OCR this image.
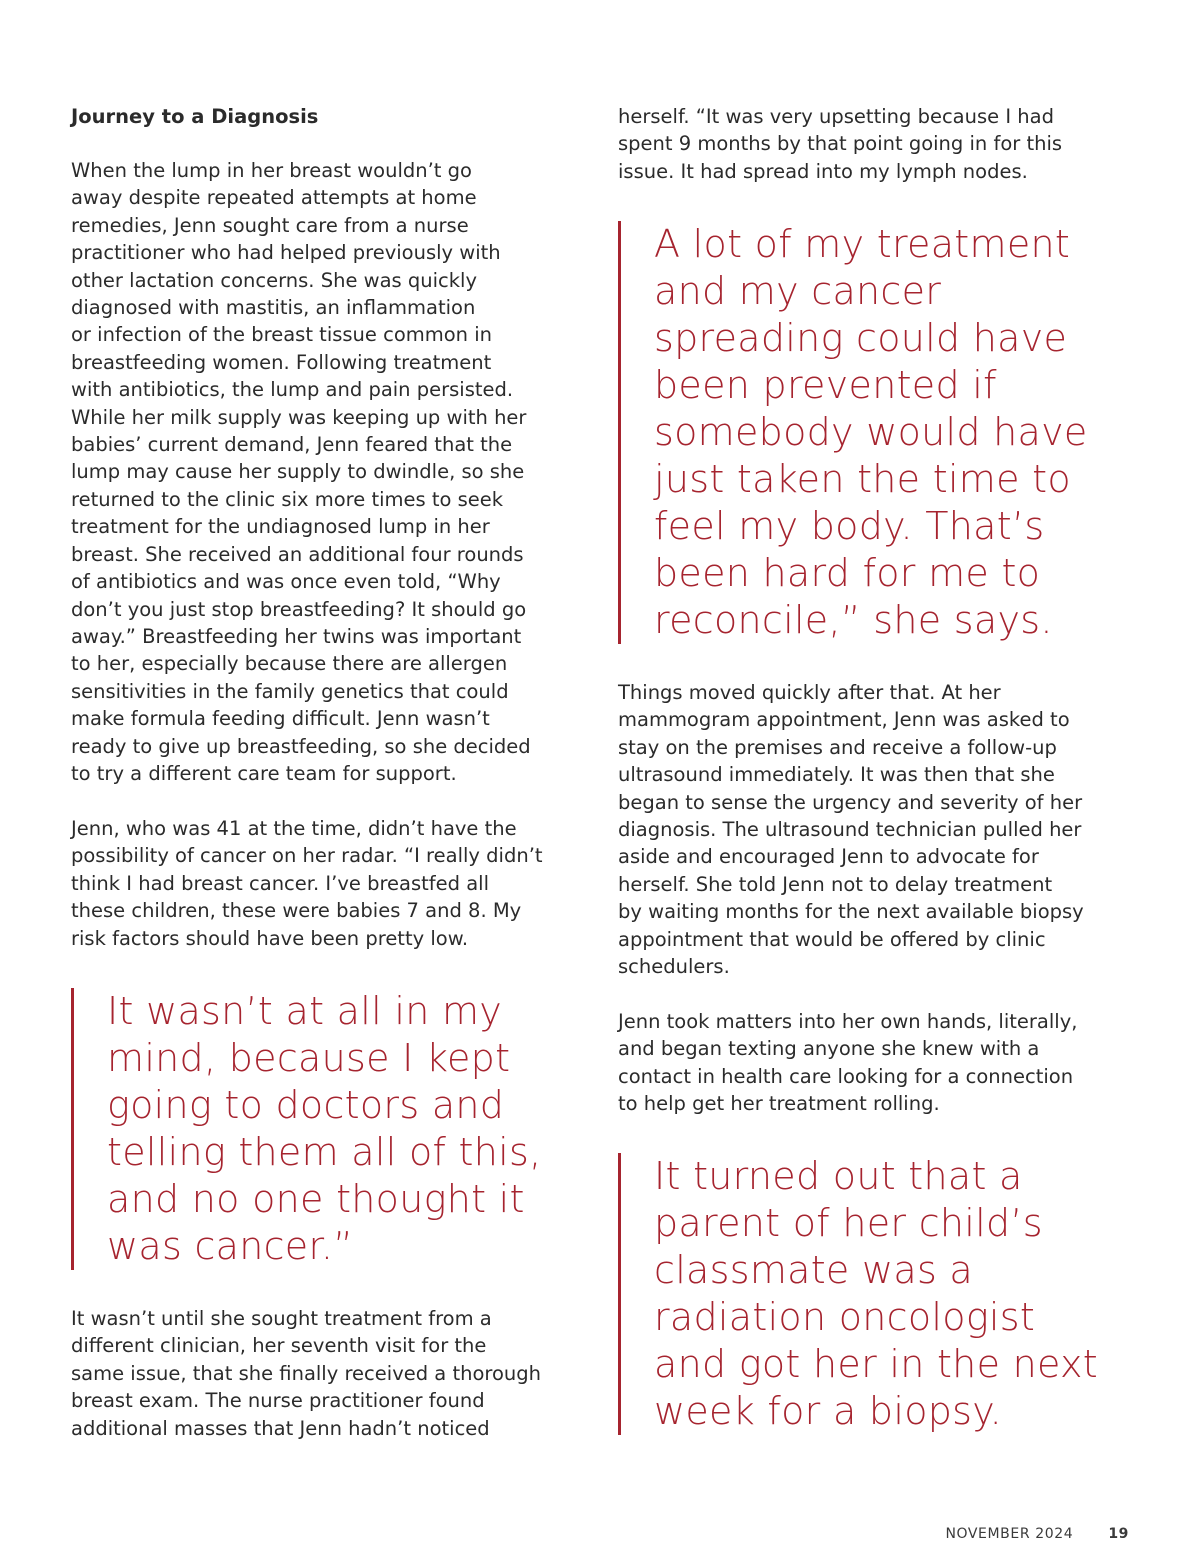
Journey to a Diagnosis
When the lump in her breast wouldn’t go
away despite repeated attempts at home
remedies, Jenn sought care from a nurse
practitioner who had helped previously with
other lactation concerns. She was quickly
diagnosed with mastitis, an inflammation
or infection of the breast tissue common in
breastfeeding women. Following treatment
with antibiotics, the lump and pain persisted.
While her milk supply was keeping up with her
babies’ current demand, Jenn feared that the
lump may cause her supply to dwindle, so she
returned to the clinic six more times to seek
treatment for the undiagnosed lump in her
breast. She received an additional four rounds
of antibiotics and was once even told, “Why
don’t you just stop breastfeeding? It should go
away.” Breastfeeding her twins was important
to her, especially because there are allergen
sensitivities in the family genetics that could
make formula feeding difficult. Jenn wasn’t
ready to give up breastfeeding, so she decided
to try a different care team for support.
Jenn, who was 41 at the time, didn’t have the
possibility of cancer on her radar. “I really didn’t
think I had breast cancer. I’ve breastfed all
these children, these were babies 7 and 8. My
risk factors should have been pretty low.
It wasn’t at all in my
mind, because I kept
going to doctors and
telling them all of this,
and no one thought it
was cancer.”
It wasn’t until she sought treatment from a
different clinician, her seventh visit for the
same issue, that she finally received a thorough
breast exam. The nurse practitioner found
additional masses that Jenn hadn’t noticed
herself. “It was very upsetting because I had
spent 9 months by that point going in for this
issue. It had spread into my lymph nodes.
A lot of my treatment
and my cancer
spreading could have
been prevented if
somebody would have
just taken the time to
feel my body. That’s
been hard for me to
reconcile,” she says.
Things moved quickly after that. At her
mammogram appointment, Jenn was asked to
stay on the premises and receive a follow-up
ultrasound immediately. It was then that she
began to sense the urgency and severity of her
diagnosis. The ultrasound technician pulled her
aside and encouraged Jenn to advocate for
herself. She told Jenn not to delay treatment
by waiting months for the next available biopsy
appointment that would be offered by clinic
schedulers.
Jenn took matters into her own hands, literally,
and began texting anyone she knew with a
contact in health care looking for a connection
to help get her treatment rolling.
It turned out that a
parent of her child’s
classmate was a
radiation oncologist
and got her in the next
week for a biopsy.
NOVEMBER 2024	19
